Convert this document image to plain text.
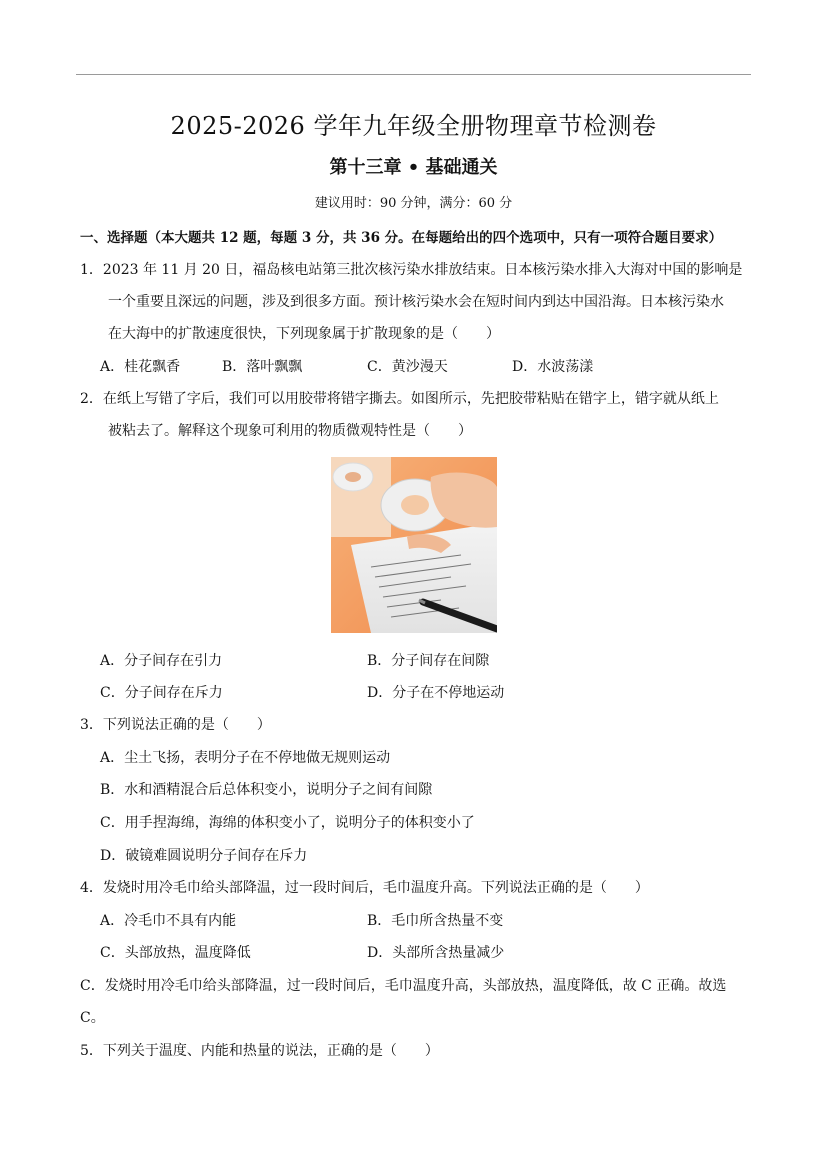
2025-2026 学年九年级全册物理章节检测卷
第十三章 • 基础通关
建议用时：90 分钟，满分：60 分
一、选择题（本大题共 12 题，每题 3 分，共 36 分。在每题给出的四个选项中，只有一项符合题目要求）
1．2023 年 11 月 20 日，福岛核电站第三批次核污染水排放结束。日本核污染水排入大海对中国的影响是
一个重要且深远的问题，涉及到很多方面。预计核污染水会在短时间内到达中国沿海。日本核污染水
在大海中的扩散速度很快，下列现象属于扩散现象的是（　　）
A．桂花飘香	B．落叶飘飘	C．黄沙漫天	D．水波荡漾
2．在纸上写错了字后，我们可以用胶带将错字撕去。如图所示，先把胶带粘贴在错字上，错字就从纸上
被粘去了。解释这个现象可利用的物质微观特性是（　　）
A．分子间存在引力	B．分子间存在间隙
C．分子间存在斥力	D．分子在不停地运动
3．下列说法正确的是（　　）
A．尘土飞扬，表明分子在不停地做无规则运动
B．水和酒精混合后总体积变小，说明分子之间有间隙
C．用手捏海绵，海绵的体积变小了，说明分子的体积变小了
D．破镜难圆说明分子间存在斥力
4．发烧时用冷毛巾给头部降温，过一段时间后，毛巾温度升高。下列说法正确的是（　　）
A．冷毛巾不具有内能	B．毛巾所含热量不变
C．头部放热，温度降低	D．头部所含热量减少
C．发烧时用冷毛巾给头部降温，过一段时间后，毛巾温度升高，头部放热，温度降低，故 C 正确。故选
C。
5．下列关于温度、内能和热量的说法，正确的是（　　）
